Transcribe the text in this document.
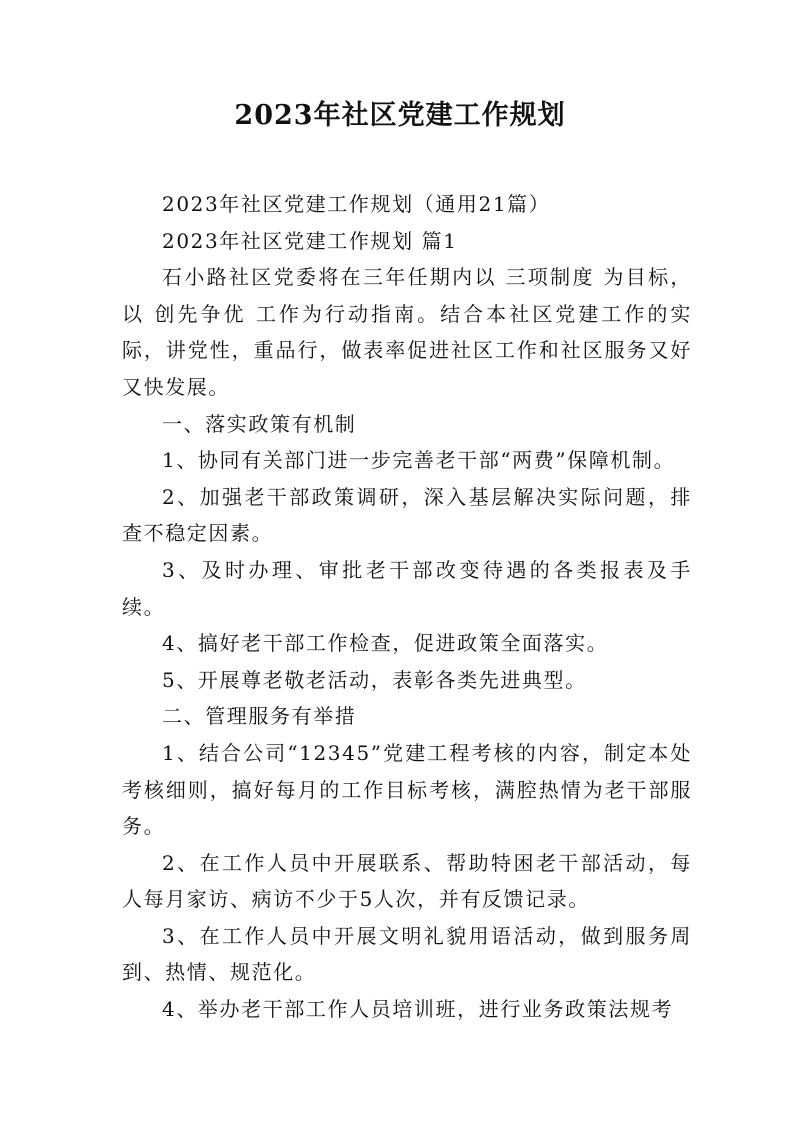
2023年社区党建工作规划

2023年社区党建工作规划（通用21篇）

2023年社区党建工作规划 篇1

石小路社区党委将在三年任期内以 三项制度 为目标，以 创先争优 工作为行动指南。结合本社区党建工作的实际，讲党性，重品行，做表率促进社区工作和社区服务又好又快发展。

一、落实政策有机制

1、协同有关部门进一步完善老干部“两费”保障机制。

2、加强老干部政策调研，深入基层解决实际问题，排查不稳定因素。

3、及时办理、审批老干部改变待遇的各类报表及手续。

4、搞好老干部工作检查，促进政策全面落实。

5、开展尊老敬老活动，表彰各类先进典型。

二、管理服务有举措

1、结合公司“12345”党建工程考核的内容，制定本处考核细则，搞好每月的工作目标考核，满腔热情为老干部服务。

2、在工作人员中开展联系、帮助特困老干部活动，每人每月家访、病访不少于5人次，并有反馈记录。

3、在工作人员中开展文明礼貌用语活动，做到服务周到、热情、规范化。

4、举办老干部工作人员培训班，进行业务政策法规考
